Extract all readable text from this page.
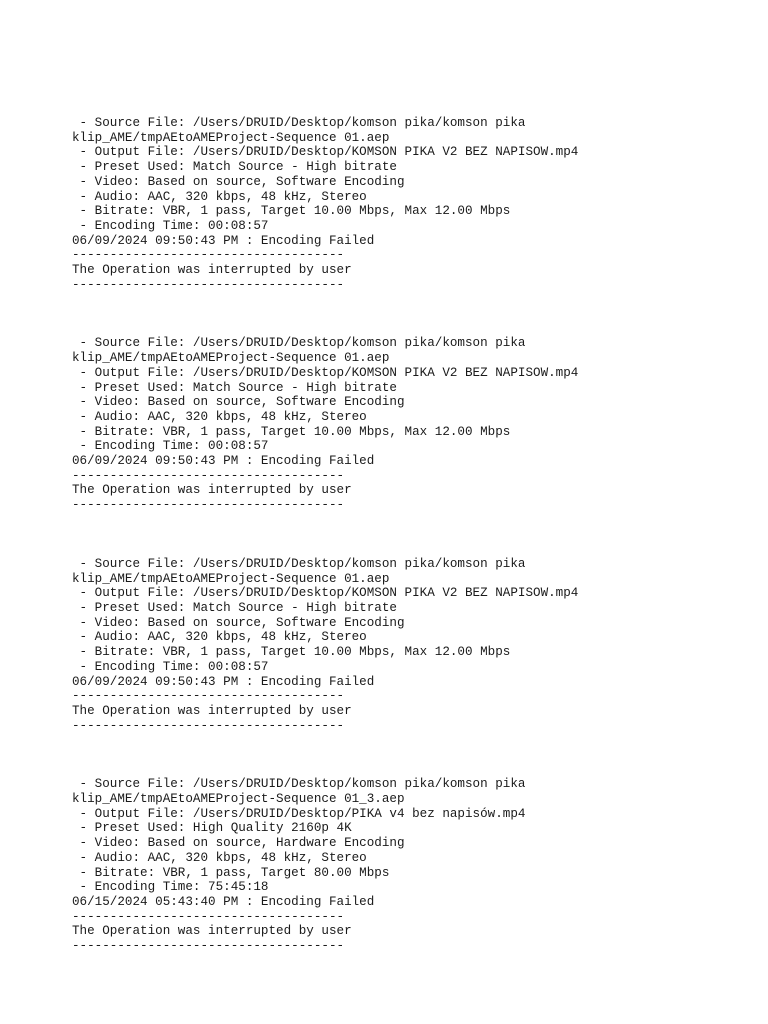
- Source File: /Users/DRUID/Desktop/komson pika/komson pika
klip_AME/tmpAEtoAMEProject-Sequence 01.aep
- Output File: /Users/DRUID/Desktop/KOMSON PIKA V2 BEZ NAPISOW.mp4
- Preset Used: Match Source - High bitrate
- Video: Based on source, Software Encoding
- Audio: AAC, 320 kbps, 48 kHz, Stereo
- Bitrate: VBR, 1 pass, Target 10.00 Mbps, Max 12.00 Mbps
- Encoding Time: 00:08:57
06/09/2024 09:50:43 PM : Encoding Failed
------------------------------------
The Operation was interrupted by user
------------------------------------
- Source File: /Users/DRUID/Desktop/komson pika/komson pika
klip_AME/tmpAEtoAMEProject-Sequence 01.aep
- Output File: /Users/DRUID/Desktop/KOMSON PIKA V2 BEZ NAPISOW.mp4
- Preset Used: Match Source - High bitrate
- Video: Based on source, Software Encoding
- Audio: AAC, 320 kbps, 48 kHz, Stereo
- Bitrate: VBR, 1 pass, Target 10.00 Mbps, Max 12.00 Mbps
- Encoding Time: 00:08:57
06/09/2024 09:50:43 PM : Encoding Failed
------------------------------------
The Operation was interrupted by user
------------------------------------
- Source File: /Users/DRUID/Desktop/komson pika/komson pika
klip_AME/tmpAEtoAMEProject-Sequence 01.aep
- Output File: /Users/DRUID/Desktop/KOMSON PIKA V2 BEZ NAPISOW.mp4
- Preset Used: Match Source - High bitrate
- Video: Based on source, Software Encoding
- Audio: AAC, 320 kbps, 48 kHz, Stereo
- Bitrate: VBR, 1 pass, Target 10.00 Mbps, Max 12.00 Mbps
- Encoding Time: 00:08:57
06/09/2024 09:50:43 PM : Encoding Failed
------------------------------------
The Operation was interrupted by user
------------------------------------
- Source File: /Users/DRUID/Desktop/komson pika/komson pika
klip_AME/tmpAEtoAMEProject-Sequence 01_3.aep
- Output File: /Users/DRUID/Desktop/PIKA v4 bez napisów.mp4
- Preset Used: High Quality 2160p 4K
- Video: Based on source, Hardware Encoding
- Audio: AAC, 320 kbps, 48 kHz, Stereo
- Bitrate: VBR, 1 pass, Target 80.00 Mbps
- Encoding Time: 75:45:18
06/15/2024 05:43:40 PM : Encoding Failed
------------------------------------
The Operation was interrupted by user
------------------------------------
